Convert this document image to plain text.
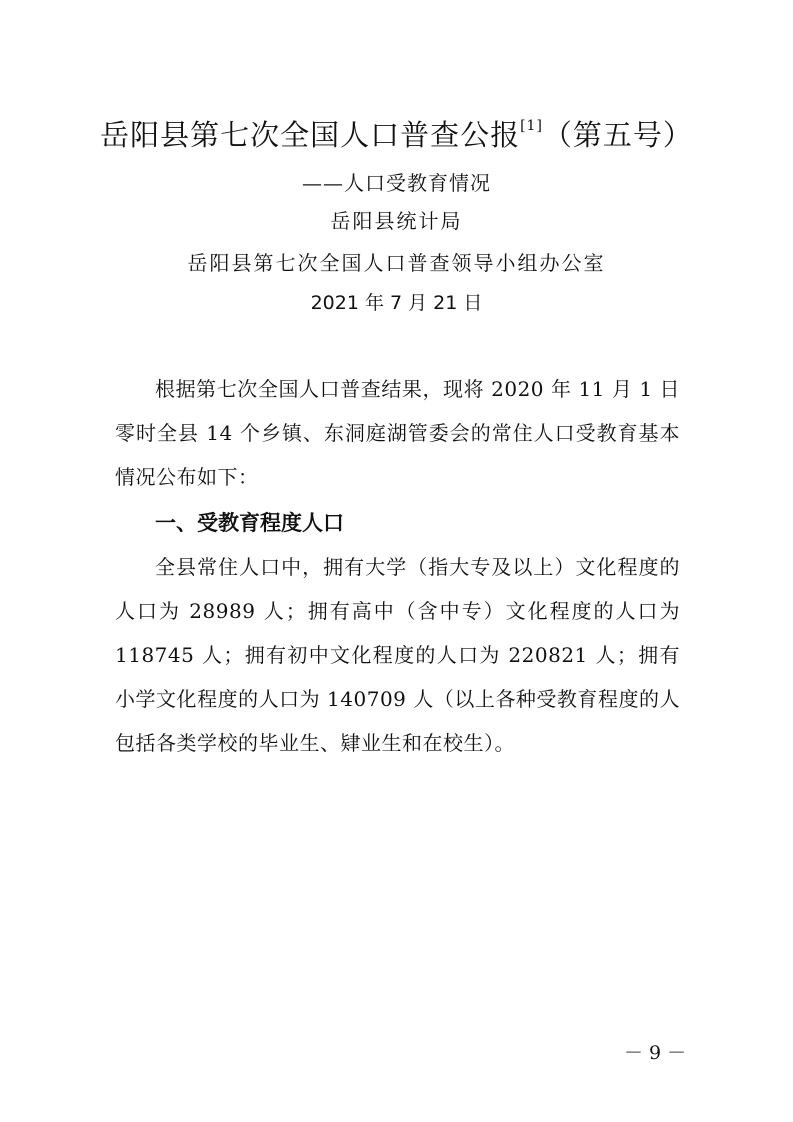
岳阳县第七次全国人口普查公报[1]（第五号）
——人口受教育情况
岳阳县统计局
岳阳县第七次全国人口普查领导小组办公室
2021 年 7 月 21 日

根据第七次全国人口普查结果，现将 2020 年 11 月 1 日零时全县 14 个乡镇、东洞庭湖管委会的常住人口受教育基本情况公布如下：

一、受教育程度人口

全县常住人口中，拥有大学（指大专及以上）文化程度的人口为 28989 人；拥有高中（含中专）文化程度的人口为 118745 人；拥有初中文化程度的人口为 220821 人；拥有小学文化程度的人口为 140709 人（以上各种受教育程度的人包括各类学校的毕业生、肄业生和在校生）。

－ 9 －
